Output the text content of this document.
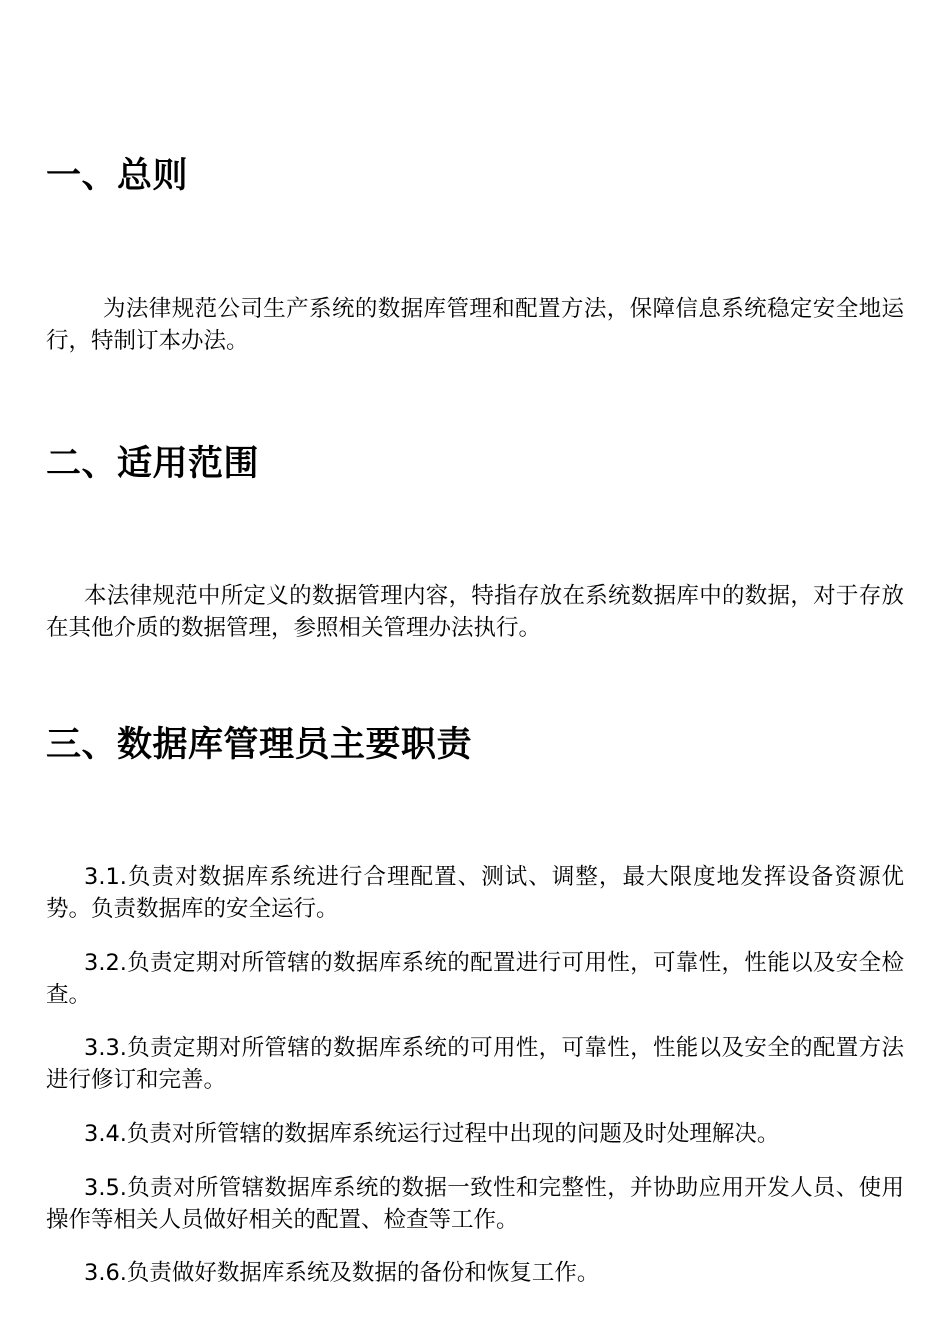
一、总则

为法律规范公司生产系统的数据库管理和配置方法，保障信息系统稳定安全地运行，特制订本办法。

二、适用范围

本法律规范中所定义的数据管理内容，特指存放在系统数据库中的数据，对于存放在其他介质的数据管理，参照相关管理办法执行。

三、数据库管理员主要职责

3.1.负责对数据库系统进行合理配置、测试、调整，最大限度地发挥设备资源优势。负责数据库的安全运行。

3.2.负责定期对所管辖的数据库系统的配置进行可用性，可靠性，性能以及安全检查。

3.3.负责定期对所管辖的数据库系统的可用性，可靠性，性能以及安全的配置方法进行修订和完善。

3.4.负责对所管辖的数据库系统运行过程中出现的问题及时处理解决。

3.5.负责对所管辖数据库系统的数据一致性和完整性，并协助应用开发人员、使用操作等相关人员做好相关的配置、检查等工作。

3.6.负责做好数据库系统及数据的备份和恢复工作。
